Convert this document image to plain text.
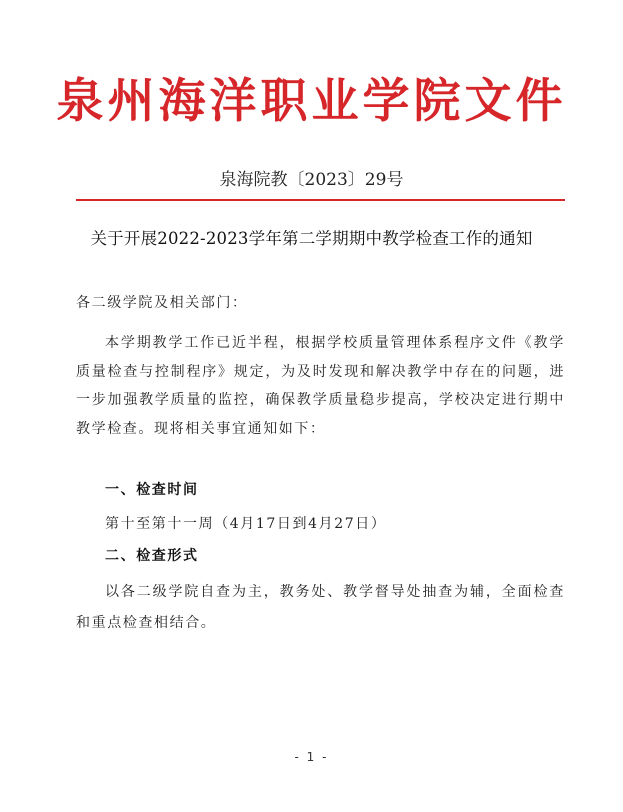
泉州海洋职业学院文件
泉海院教〔2023〕29号
关于开展2022-2023学年第二学期期中教学检查工作的通知
各二级学院及相关部门：
本学期教学工作已近半程，根据学校质量管理体系程序文件《教学质量检查与控制程序》规定，为及时发现和解决教学中存在的问题，进一步加强教学质量的监控，确保教学质量稳步提高，学校决定进行期中教学检查。现将相关事宜通知如下：
一、检查时间
第十至第十一周（4月17日到4月27日）
二、检查形式
以各二级学院自查为主，教务处、教学督导处抽查为辅，全面检查和重点检查相结合。
- 1 -
